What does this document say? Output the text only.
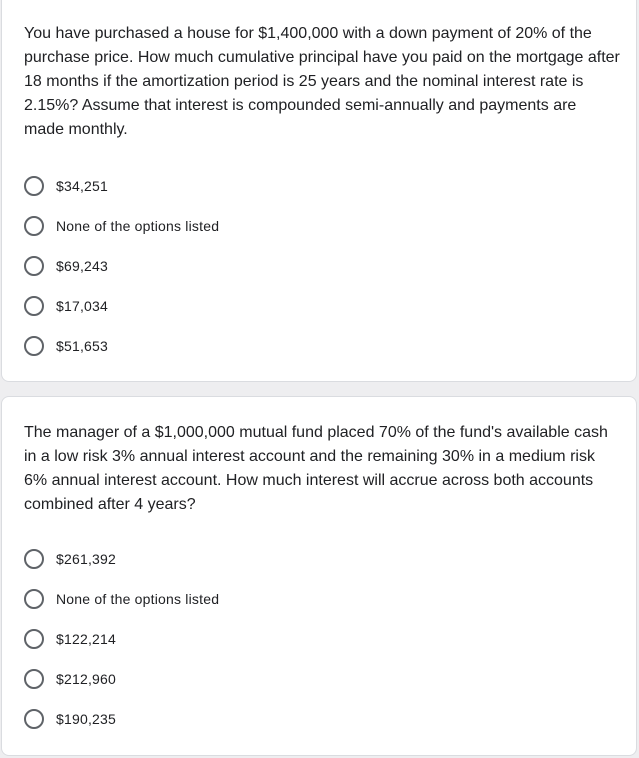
You have purchased a house for $1,400,000 with a down payment of 20% of the purchase price. How much cumulative principal have you paid on the mortgage after 18 months if the amortization period is 25 years and the nominal interest rate is 2.15%? Assume that interest is compounded semi-annually and payments are made monthly.

$34,251
None of the options listed
$69,243
$17,034
$51,653

The manager of a $1,000,000 mutual fund placed 70% of the fund's available cash in a low risk 3% annual interest account and the remaining 30% in a medium risk 6% annual interest account. How much interest will accrue across both accounts combined after 4 years?

$261,392
None of the options listed
$122,214
$212,960
$190,235
